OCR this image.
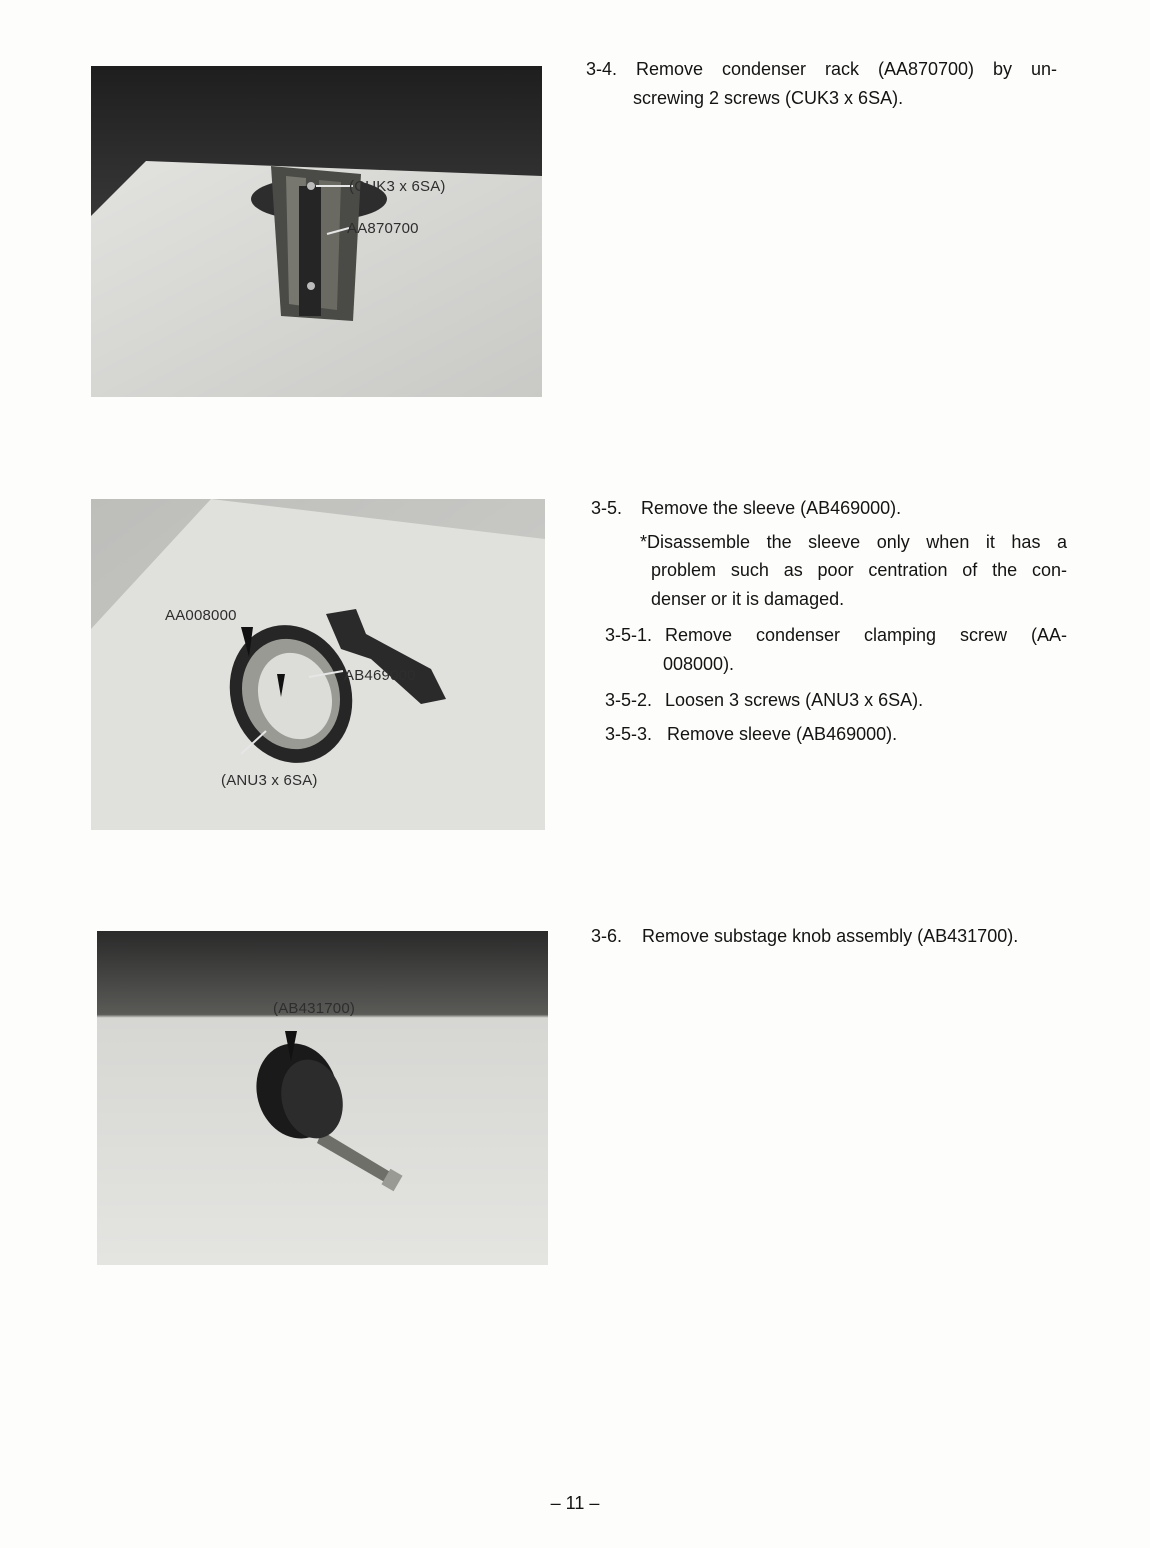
(CUK3 x 6SA)
AA870700
AA008000
AB469000
(ANU3 x 6SA)
(AB431700)
3-4. Remove condenser rack (AA870700) by un-
screwing 2 screws (CUK3 x 6SA).
3-5. Remove the sleeve (AB469000).
*Disassemble the sleeve only when it has a
problem such as poor centration of the con-
denser or it is damaged.
3-5-1. Remove condenser clamping screw (AA-
008000).
3-5-2. Loosen 3 screws (ANU3 x 6SA).
3-5-3. Remove sleeve (AB469000).
3-6. Remove substage knob assembly (AB431700).
– 11 –
